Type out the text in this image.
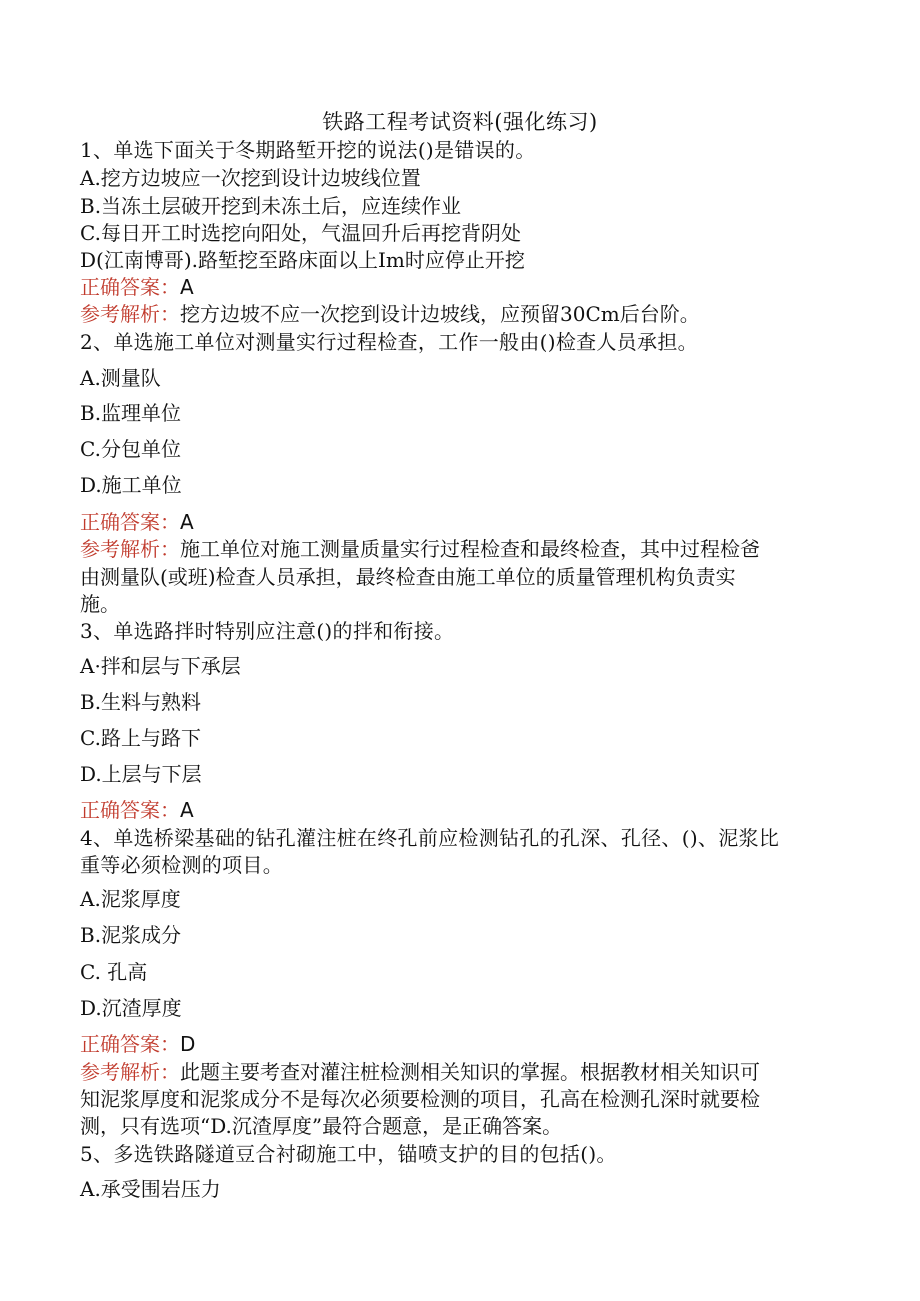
铁路工程考试资料(强化练习)
1、单选下面关于冬期路堑开挖的说法()是错误的。
A.挖方边坡应一次挖到设计边坡线位置
B.当冻土层破开挖到未冻土后，应连续作业
C.每日开工时选挖向阳处，气温回升后再挖背阴处
D(江南博哥).路堑挖至路床面以上Im时应停止开挖
正确答案：A
参考解析：挖方边坡不应一次挖到设计边坡线，应预留30Cm后台阶。
2、单选施工单位对测量实行过程检查，工作一般由()检查人员承担。
A.测量队
B.监理单位
C.分包单位
D.施工单位
正确答案：A
参考解析：施工单位对施工测量质量实行过程检查和最终检查，其中过程检爸
由测量队(或班)检查人员承担，最终检查由施工单位的质量管理机构负责实
施。
3、单选路拌时特别应注意()的拌和衔接。
A·拌和层与下承层
B.生料与熟料
C.路上与路下
D.上层与下层
正确答案：A
4、单选桥梁基础的钻孔灌注桩在终孔前应检测钻孔的孔深、孔径、()、泥浆比
重等必须检测的项目。
A.泥浆厚度
B.泥浆成分
C. 孔高
D.沉渣厚度
正确答案：D
参考解析：此题主要考查对灌注桩检测相关知识的掌握。根据教材相关知识可
知泥浆厚度和泥浆成分不是每次必须要检测的项目，孔高在检测孔深时就要检
测，只有选项“D.沉渣厚度”最符合题意，是正确答案。
5、多选铁路隧道豆合衬砌施工中，锚喷支护的目的包括()。
A.承受围岩压力
